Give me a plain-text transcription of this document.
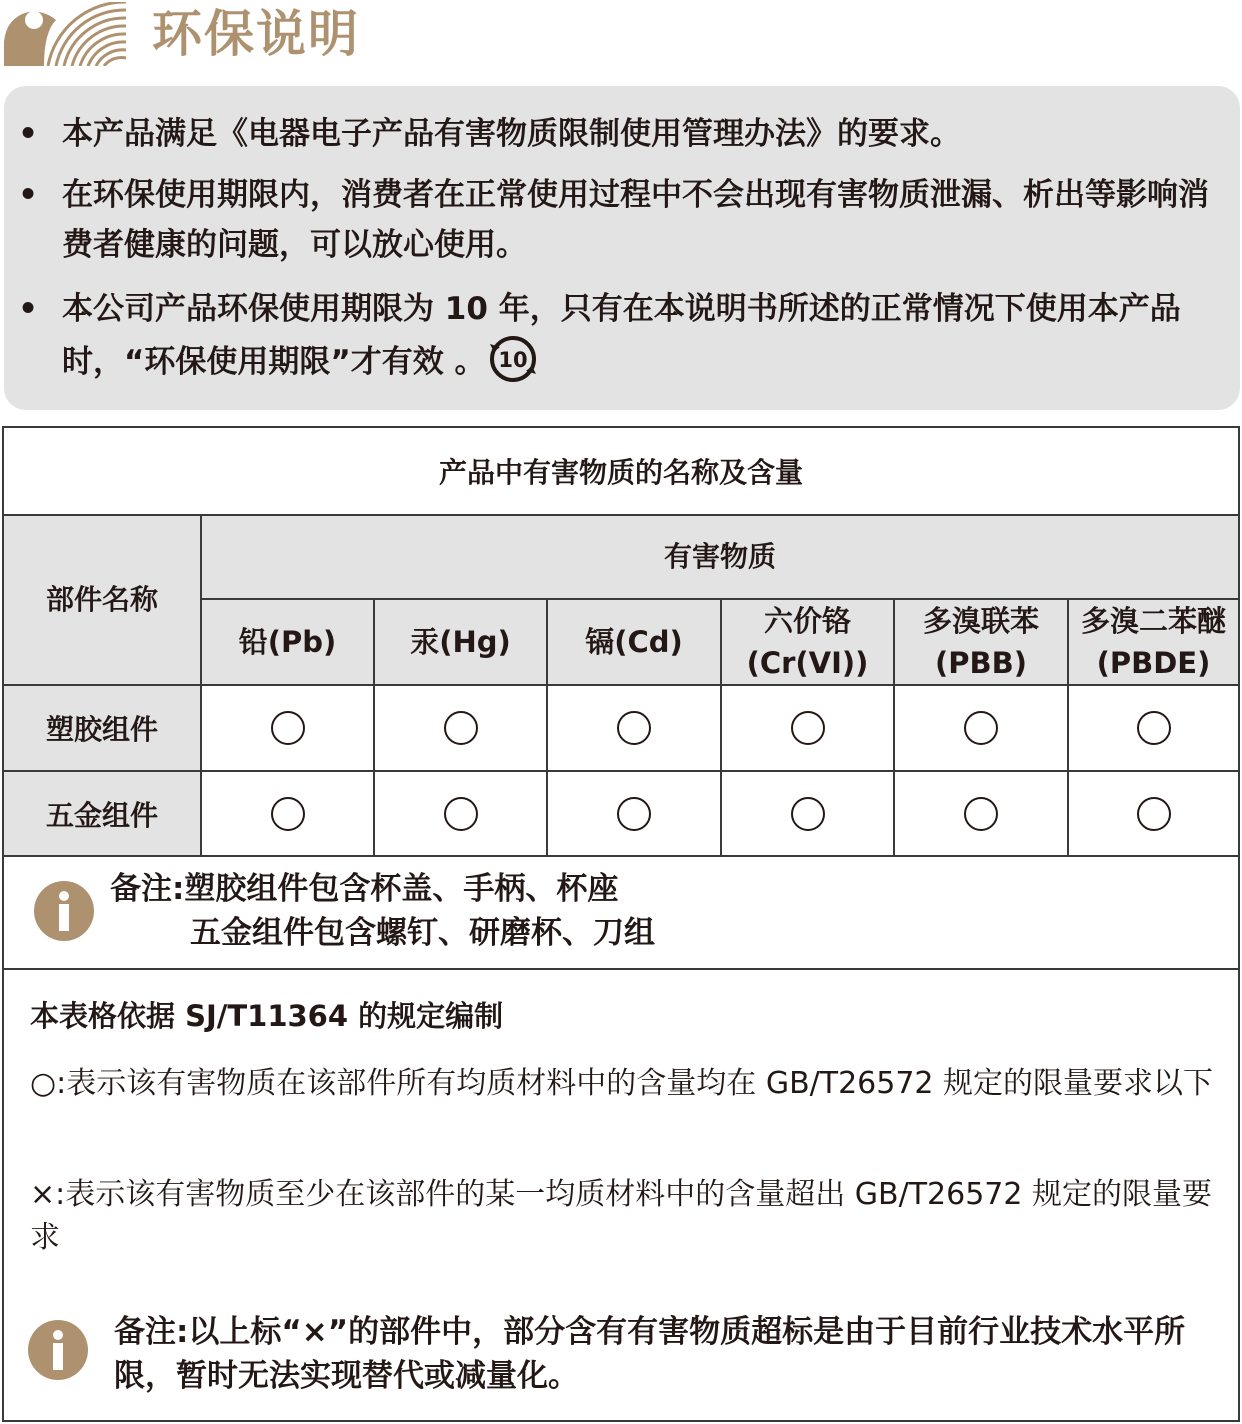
环保说明
• 本产品满足《电器电子产品有害物质限制使用管理办法》的要求。
• 在环保使用期限内，消费者在正常使用过程中不会出现有害物质泄漏、析出等影响消费者健康的问题，可以放心使用。
• 本公司产品环保使用期限为 10 年，只有在本说明书所述的正常情况下使用本产品时，“环保使用期限”才有效 。 10
产品中有害物质的名称及含量
部件名称
有害物质
铅 (Pb)	汞 (Hg)	镉 (Cd)
六价铬
(Cr(VI))
多溴联苯
(PBB)
多溴二苯醚
(PBDE)
塑胶组件
五金组件
备注:塑胶组件包含杯盖、手柄、杯座
五金组件包含螺钉、研磨杯、刀组
本表格依据 SJ/T11364 的规定编制
○:表示该有害物质在该部件所有均质材料中的含量均在 GB/T26572 规定的限量要求以下
×:表示该有害物质至少在该部件的某一均质材料中的含量超出 GB/T26572 规定的限量要求
备注:以上标“×”的部件中，部分含有有害物质超标是由于目前行业技术水平所限，暂时无法实现替代或减量化。
